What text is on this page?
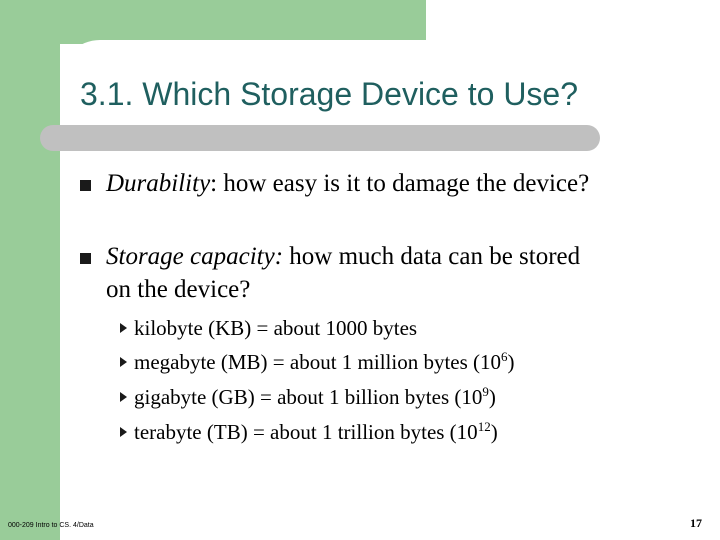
3.1. Which Storage Device to Use?
Durability: how easy is it to damage the device?
Storage capacity: how much data can be stored
on the device?
kilobyte (KB) = about 1000 bytes
megabyte (MB) = about 1 million bytes $(10^6)$
gigabyte (GB) = about 1 billion bytes $(10^9)$
terabyte (TB) = about 1 trillion bytes $(10^{12})$
000-209 Intro to CS. 4/Data	17
